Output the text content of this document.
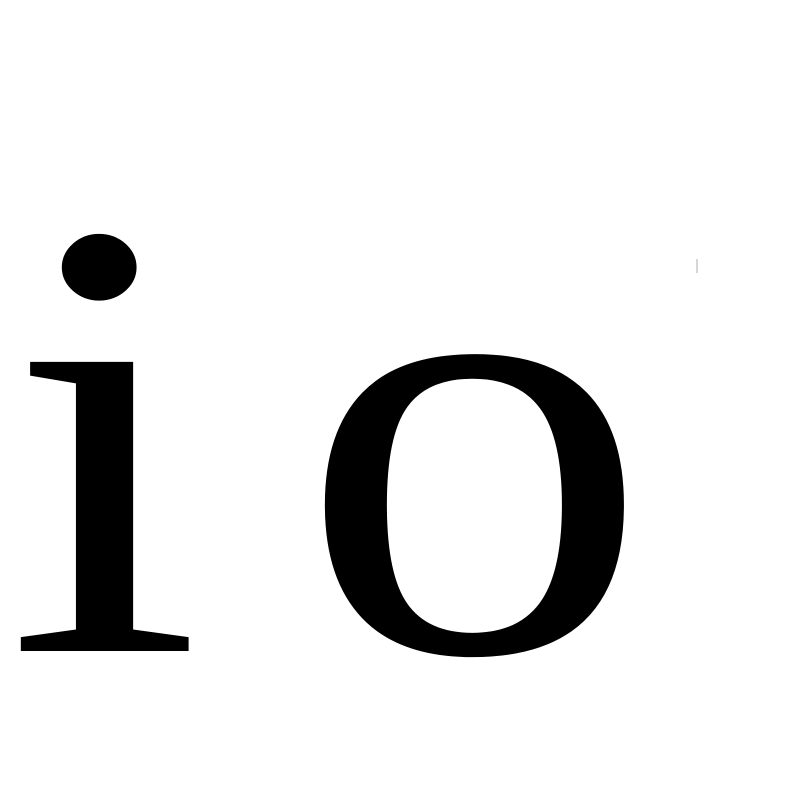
i o
